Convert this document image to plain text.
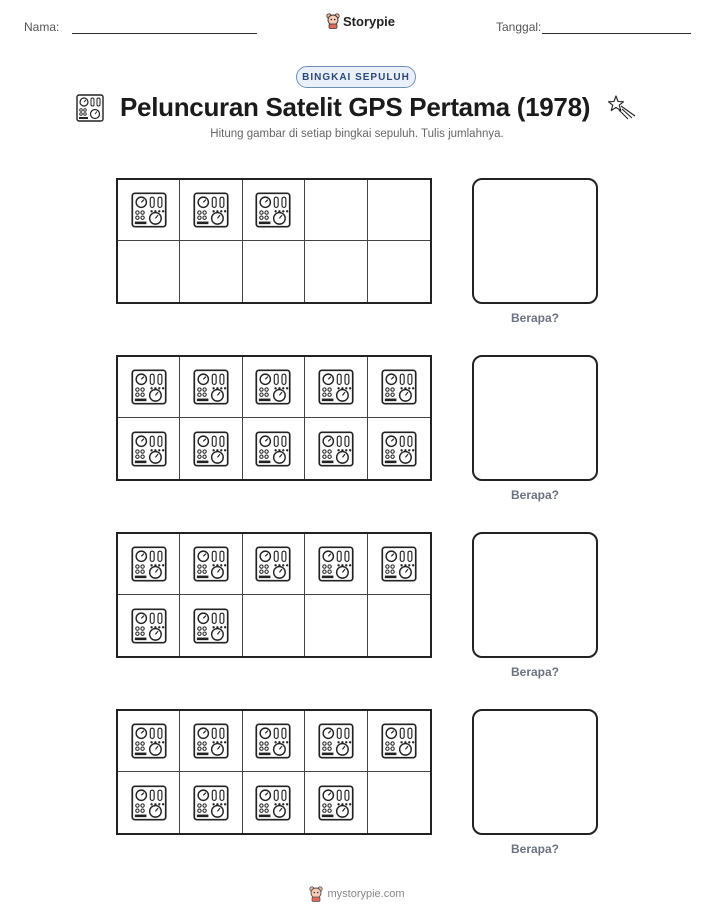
Nama:	Storypie	Tanggal:
BINGKAI SEPULUH
Peluncuran Satelit GPS Pertama (1978)
Hitung gambar di setiap bingkai sepuluh. Tulis jumlahnya.
Berapa?
Berapa?
Berapa?
Berapa?
mystorypie.com
